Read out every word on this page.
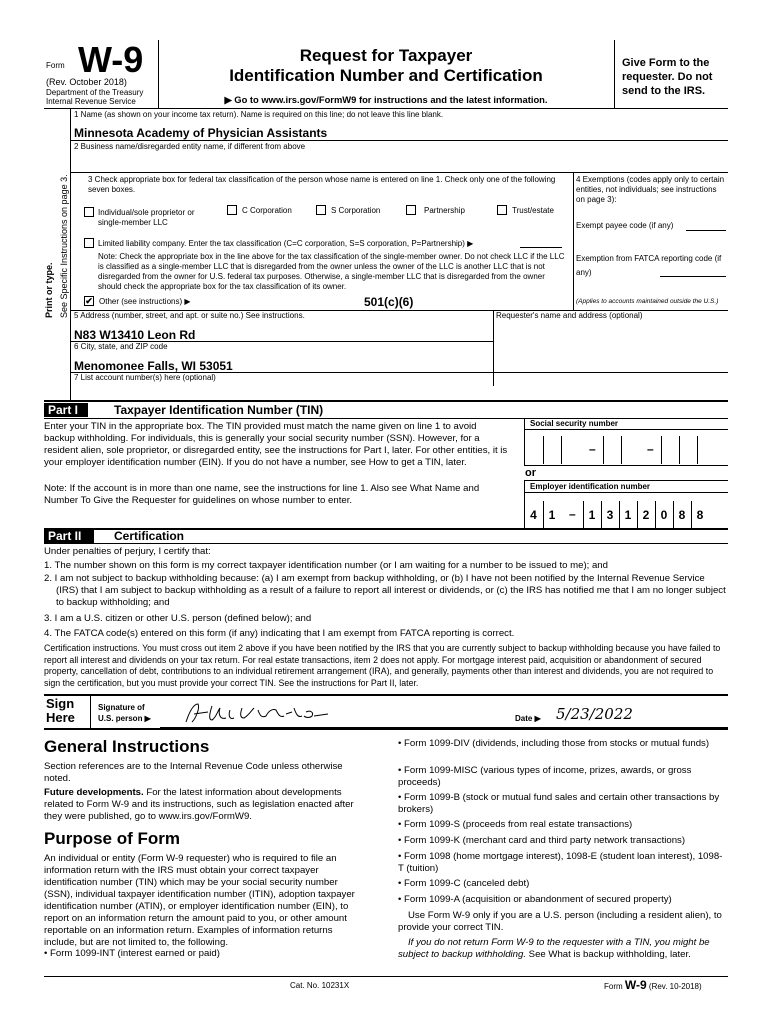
Form W-9
(Rev. October 2018)
Department of the Treasury
Internal Revenue Service
Request for Taxpayer
Identification Number and Certification
▶ Go to www.irs.gov/FormW9 for instructions and the latest information.
Give Form to the requester. Do not send to the IRS.
Print or type. See Specific Instructions on page 3.
1 Name (as shown on your income tax return). Name is required on this line; do not leave this line blank.
Minnesota Academy of Physician Assistants
2 Business name/disregarded entity name, if different from above
3 Check appropriate box for federal tax classification of the person whose name is entered on line 1. Check only one of the following seven boxes.
Individual/sole proprietor or single-member LLC
C Corporation	S Corporation	Partnership	Trust/estate
Limited liability company. Enter the tax classification (C=C corporation, S=S corporation, P=Partnership) ▶
Note: Check the appropriate box in the line above for the tax classification of the single-member owner. Do not check LLC if the LLC is classified as a single-member LLC that is disregarded from the owner unless the owner of the LLC is another LLC that is not disregarded from the owner for U.S. federal tax purposes. Otherwise, a single-member LLC that is disregarded from the owner should check the appropriate box for the tax classification of its owner.
✔ Other (see instructions) ▶	501(c)(6)
4 Exemptions (codes apply only to certain entities, not individuals; see instructions on page 3):
Exempt payee code (if any)
Exemption from FATCA reporting code (if any)
(Applies to accounts maintained outside the U.S.)
5 Address (number, street, and apt. or suite no.) See instructions.	Requester's name and address (optional)
N83 W13410 Leon Rd
6 City, state, and ZIP code
Menomonee Falls, WI 53051
7 List account number(s) here (optional)
Part I	Taxpayer Identification Number (TIN)
Enter your TIN in the appropriate box. The TIN provided must match the name given on line 1 to avoid backup withholding. For individuals, this is generally your social security number (SSN). However, for a resident alien, sole proprietor, or disregarded entity, see the instructions for Part I, later. For other entities, it is your employer identification number (EIN). If you do not have a number, see How to get a TIN, later.
Note: If the account is in more than one name, see the instructions for line 1. Also see What Name and Number To Give the Requester for guidelines on whose number to enter.
Social security number
–	–
or
Employer identification number
4 1	–	1 3 1 2 0 8 8
Part II	Certification
Under penalties of perjury, I certify that:
1. The number shown on this form is my correct taxpayer identification number (or I am waiting for a number to be issued to me); and
2. I am not subject to backup withholding because: (a) I am exempt from backup withholding, or (b) I have not been notified by the Internal Revenue Service (IRS) that I am subject to backup withholding as a result of a failure to report all interest or dividends, or (c) the IRS has notified me that I am no longer subject to backup withholding; and
3. I am a U.S. citizen or other U.S. person (defined below); and
4. The FATCA code(s) entered on this form (if any) indicating that I am exempt from FATCA reporting is correct.
Certification instructions. You must cross out item 2 above if you have been notified by the IRS that you are currently subject to backup withholding because you have failed to report all interest and dividends on your tax return. For real estate transactions, item 2 does not apply. For mortgage interest paid, acquisition or abandonment of secured property, cancellation of debt, contributions to an individual retirement arrangement (IRA), and generally, payments other than interest and dividends, you are not required to sign the certification, but you must provide your correct TIN. See the instructions for Part II, later.
Sign
Here
Signature of
U.S. person ▶	Date ▶ 5/23/2022
General Instructions
Section references are to the Internal Revenue Code unless otherwise noted.
Future developments. For the latest information about developments related to Form W-9 and its instructions, such as legislation enacted after they were published, go to www.irs.gov/FormW9.
Purpose of Form
An individual or entity (Form W-9 requester) who is required to file an information return with the IRS must obtain your correct taxpayer identification number (TIN) which may be your social security number (SSN), individual taxpayer identification number (ITIN), adoption taxpayer identification number (ATIN), or employer identification number (EIN), to report on an information return the amount paid to you, or other amount reportable on an information return. Examples of information returns include, but are not limited to, the following.
• Form 1099-INT (interest earned or paid)
• Form 1099-DIV (dividends, including those from stocks or mutual funds)
• Form 1099-MISC (various types of income, prizes, awards, or gross proceeds)
• Form 1099-B (stock or mutual fund sales and certain other transactions by brokers)
• Form 1099-S (proceeds from real estate transactions)
• Form 1099-K (merchant card and third party network transactions)
• Form 1098 (home mortgage interest), 1098-E (student loan interest), 1098-T (tuition)
• Form 1099-C (canceled debt)
• Form 1099-A (acquisition or abandonment of secured property)
Use Form W-9 only if you are a U.S. person (including a resident alien), to provide your correct TIN.
If you do not return Form W-9 to the requester with a TIN, you might be subject to backup withholding. See What is backup withholding, later.
Cat. No. 10231X	Form W-9 (Rev. 10-2018)
